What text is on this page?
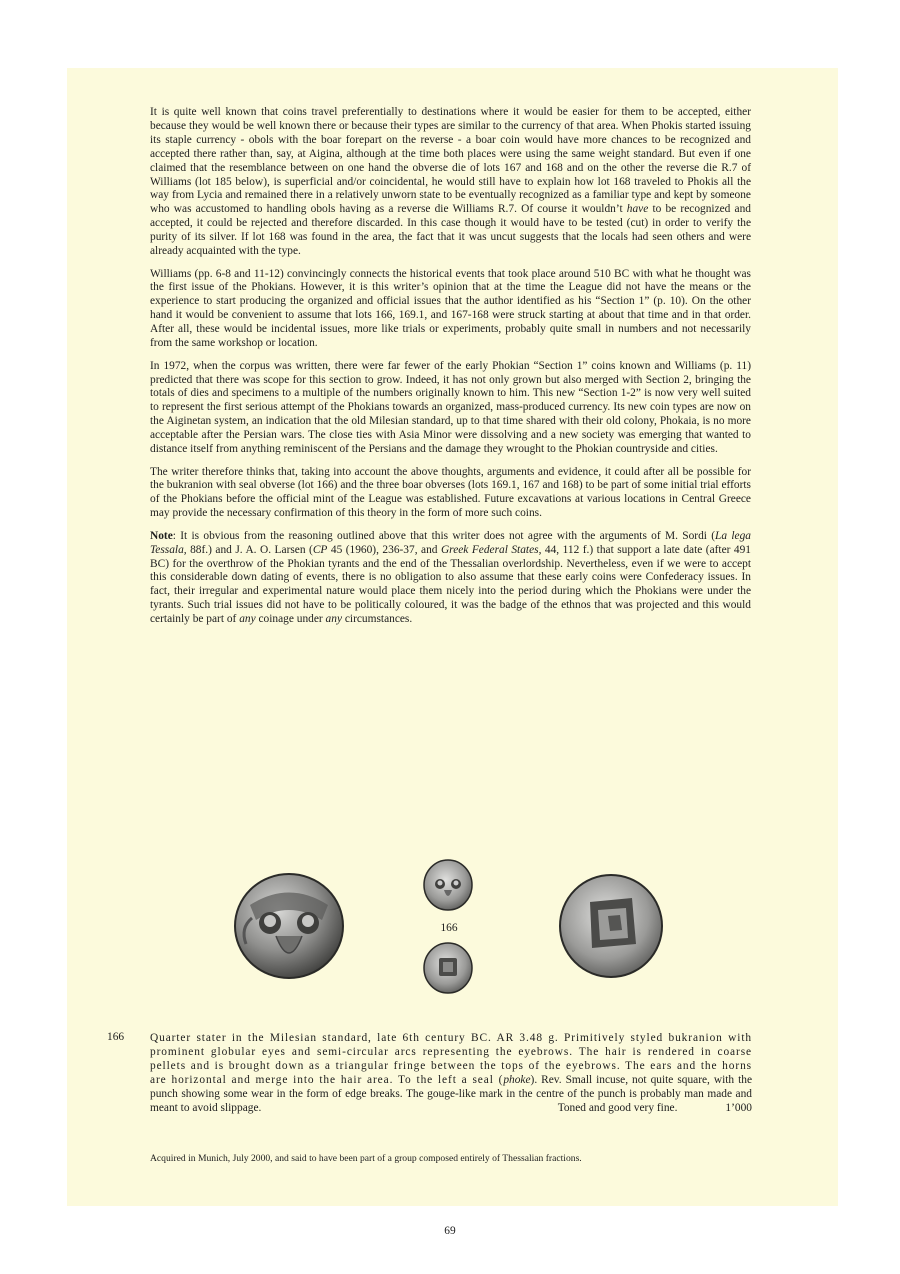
It is quite well known that coins travel preferentially to destinations where it would be easier for them to be accepted, either because they would be well known there or because their types are similar to the currency of that area. When Phokis started issuing its staple currency - obols with the boar forepart on the reverse - a boar coin would have more chances to be recognized and accepted there rather than, say, at Aigina, although at the time both places were using the same weight standard. But even if one claimed that the resemblance between on one hand the obverse die of lots 167 and 168 and on the other the reverse die R.7 of Williams (lot 185 below), is superficial and/or coincidental, he would still have to explain how lot 168 traveled to Phokis all the way from Lycia and remained there in a relatively unworn state to be eventually recognized as a familiar type and kept by someone who was accustomed to handling obols having as a reverse die Williams R.7. Of course it wouldn’t have to be recognized and accepted, it could be rejected and therefore discarded. In this case though it would have to be tested (cut) in order to verify the purity of its silver. If lot 168 was found in the area, the fact that it was uncut suggests that the locals had seen others and were already acquainted with the type.

Williams (pp. 6-8 and 11-12) convincingly connects the historical events that took place around 510 BC with what he thought was the first issue of the Phokians. However, it is this writer’s opinion that at the time the League did not have the means or the experience to start producing the organized and official issues that the author identified as his “Section 1” (p. 10). On the other hand it would be convenient to assume that lots 166, 169.1, and 167-168 were struck starting at about that time and in that order. After all, these would be incidental issues, more like trials or experiments, probably quite small in numbers and not necessarily from the same workshop or location.

In 1972, when the corpus was written, there were far fewer of the early Phokian “Section 1” coins known and Williams (p. 11) predicted that there was scope for this section to grow. Indeed, it has not only grown but also merged with Section 2, bringing the totals of dies and specimens to a multiple of the numbers originally known to him. This new “Section 1-2” is now very well suited to represent the first serious attempt of the Phokians towards an organized, mass-produced currency. Its new coin types are now on the Aiginetan system, an indication that the old Milesian standard, up to that time shared with their old colony, Phokaia, is no more acceptable after the Persian wars. The close ties with Asia Minor were dissolving and a new society was emerging that wanted to distance itself from anything reminiscent of the Persians and the damage they wrought to the Phokian countryside and cities.

The writer therefore thinks that, taking into account the above thoughts, arguments and evidence, it could after all be possible for the bukranion with seal obverse (lot 166) and the three boar obverses (lots 169.1, 167 and 168) to be part of some initial trial efforts of the Phokians before the official mint of the League was established. Future excavations at various locations in Central Greece may provide the necessary confirmation of this theory in the form of more such coins.

Note: It is obvious from the reasoning outlined above that this writer does not agree with the arguments of M. Sordi (La lega Tessala, 88f.) and J. A. O. Larsen (CP 45 (1960), 236-37, and Greek Federal States, 44, 112 f.) that support a late date (after 491 BC) for the overthrow of the Phokian tyrants and the end of the Thessalian overlordship. Nevertheless, even if we were to accept this considerable down dating of events, there is no obligation to also assume that these early coins were Confederacy issues. In fact, their irregular and experimental nature would place them nicely into the period during which the Phokians were under the tyrants. Such trial issues did not have to be politically coloured, it was the badge of the ethnos that was projected and this would certainly be part of any coinage under any circumstances.

166
166 Quarter stater in the Milesian standard, late 6th century BC. AR 3.48 g. Primitively styled bukranion with prominent globular eyes and semi-circular arcs representing the eyebrows. The hair is rendered in coarse pellets and is brought down as a triangular fringe between the tops of the eyebrows. The ears and the horns are horizontal and merge into the hair area. To the left a seal (phoke). Rev. Small incuse, not quite square, with the punch showing some wear in the form of edge breaks. The gouge-like mark in the centre of the punch is probably man made and meant to avoid slippage.	Toned and good very fine.	1’000
Acquired in Munich, July 2000, and said to have been part of a group composed entirely of Thessalian fractions.
69
